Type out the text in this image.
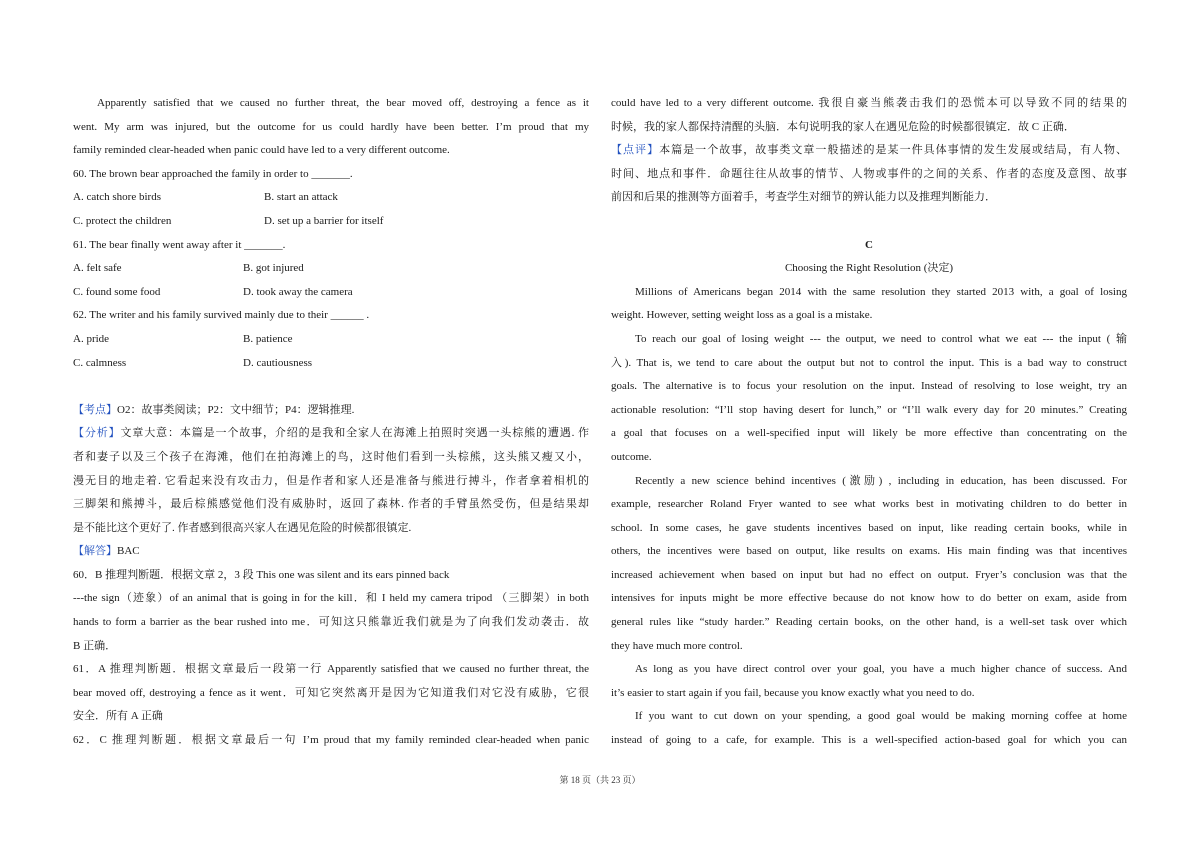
Apparently satisfied that we caused no further threat, the bear moved off, destroying a fence as it
went. My arm was injured, but the outcome for us could hardly have been better. I’m proud that my
family reminded clear-headed when panic could have led to a very different outcome.
60. The brown bear approached the family in order to _______.
A. catch shore birds	B. start an attack
C. protect the children	D. set up a barrier for itself
61. The bear finally went away after it _______.
A. felt safe	B. got injured
C. found some food	D. took away the camera
62. The writer and his family survived mainly due to their ______ .
A. pride	B. patience
C. calmness	D. cautiousness
【考点】O2：故事类阅读；P2：文中细节；P4：逻辑推理.
【分析】文章大意：本篇是一个故事，介绍的是我和全家人在海滩上拍照时突遇一头棕熊的遭遇. 作
者和妻子以及三个孩子在海滩，他们在拍海滩上的鸟，这时他们看到一头棕熊，这头熊又瘦又小，
漫无目的地走着. 它看起来没有攻击力，但是作者和家人还是准备与熊进行搏斗，作者拿着相机的
三脚架和熊搏斗，最后棕熊感觉他们没有威胁时，返回了森林. 作者的手臂虽然受伤，但是结果却
是不能比这个更好了. 作者感到很高兴家人在遇见危险的时候都很镇定.
【解答】BAC
60．B 推理判断题．根据文章 2，3 段 This one was silent and its ears pinned back
---the sign（迹象）of an animal that is going in for the kill．和 I held my camera tripod （三脚架）in both
hands to form a barrier as the bear rushed into me．可知这只熊靠近我们就是为了向我们发动袭击．故
B 正确．
61．A 推理判断题．根据文章最后一段第一行 Apparently satisfied that we caused no further threat, the
bear moved off, destroying a fence as it went．可知它突然离开是因为它知道我们对它没有威胁，它很
安全．所有 A 正确
62．C 推理判断题．根据文章最后一句 I’m proud that my family reminded clear-headed when panic
could have led to a very different outcome. 我很自豪当熊袭击我们的恐慌本可以导致不同的结果的
时候，我的家人都保持清醒的头脑．本句说明我的家人在遇见危险的时候都很镇定．故 C 正确．
【点评】本篇是一个故事，故事类文章一般描述的是某一件具体事情的发生发展或结局，有人物、
时间、地点和事件．命题往往从故事的情节、人物或事件的之间的关系、作者的态度及意图、故事
前因和后果的推测等方面着手，考查学生对细节的辨认能力以及推理判断能力．
C
Choosing the Right Resolution (决定)
Millions of Americans began 2014 with the same resolution they started 2013 with, a goal of losing
weight. However, setting weight loss as a goal is a mistake.
To reach our goal of losing weight --- the output, we need to control what we eat --- the input ( 输
入). That is, we tend to care about the output but not to control the input. This is a bad way to construct
goals. The alternative is to focus your resolution on the input. Instead of resolving to lose weight, try an
actionable resolution: “I’ll stop having desert for lunch,” or “I’ll walk every day for 20 minutes.” Creating
a goal that focuses on a well-specified input will likely be more effective than concentrating on the
outcome.
Recently a new science behind incentives (激励) , including in education, has been discussed. For
example, researcher Roland Fryer wanted to see what works best in motivating children to do better in
school. In some cases, he gave students incentives based on input, like reading certain books, while in
others, the incentives were based on output, like results on exams. His main finding was that incentives
increased achievement when based on input but had no effect on output. Fryer’s conclusion was that the
intensives for inputs might be more effective because do not know how to do better on exam, aside from
general rules like “study harder.” Reading certain books, on the other hand, is a well-set task over which
they have much more control.
As long as you have direct control over your goal, you have a much higher chance of success. And
it’s easier to start again if you fail, because you know exactly what you need to do.
If you want to cut down on your spending, a good goal would be making morning coffee at home
instead of going to a cafe, for example. This is a well-specified action-based goal for which you can
第 18 页（共 23 页）
